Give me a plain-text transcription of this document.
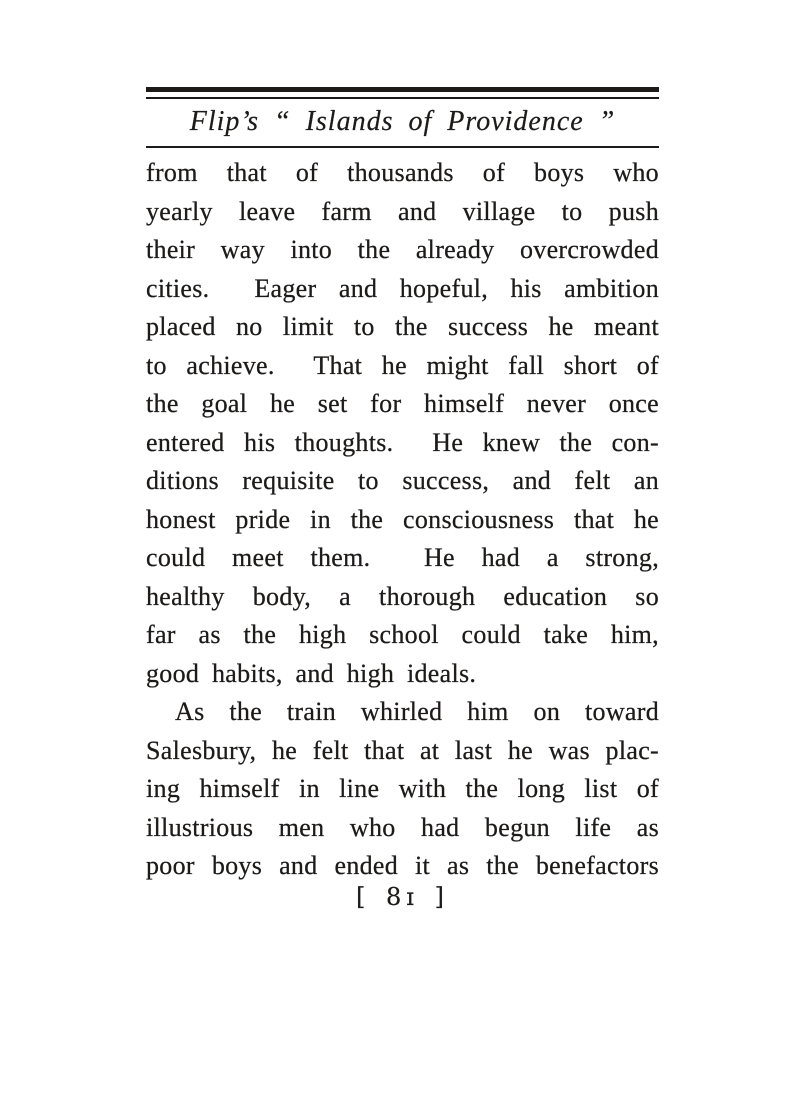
Flip’s “ Islands of Providence ”
from that of thousands of boys who
yearly leave farm and village to push
their way into the already overcrowded
cities.  Eager and hopeful, his ambition
placed no limit to the success he meant
to achieve.  That he might fall short of
the goal he set for himself never once
entered his thoughts.  He knew the con-
ditions requisite to success, and felt an
honest pride in the consciousness that he
could meet them.  He had a strong,
healthy body, a thorough education so
far as the high school could take him,
good habits, and high ideals.
As the train whirled him on toward
Salesbury, he felt that at last he was plac-
ing himself in line with the long list of
illustrious men who had begun life as
poor boys and ended it as the benefactors
[ 8ɪ ]
